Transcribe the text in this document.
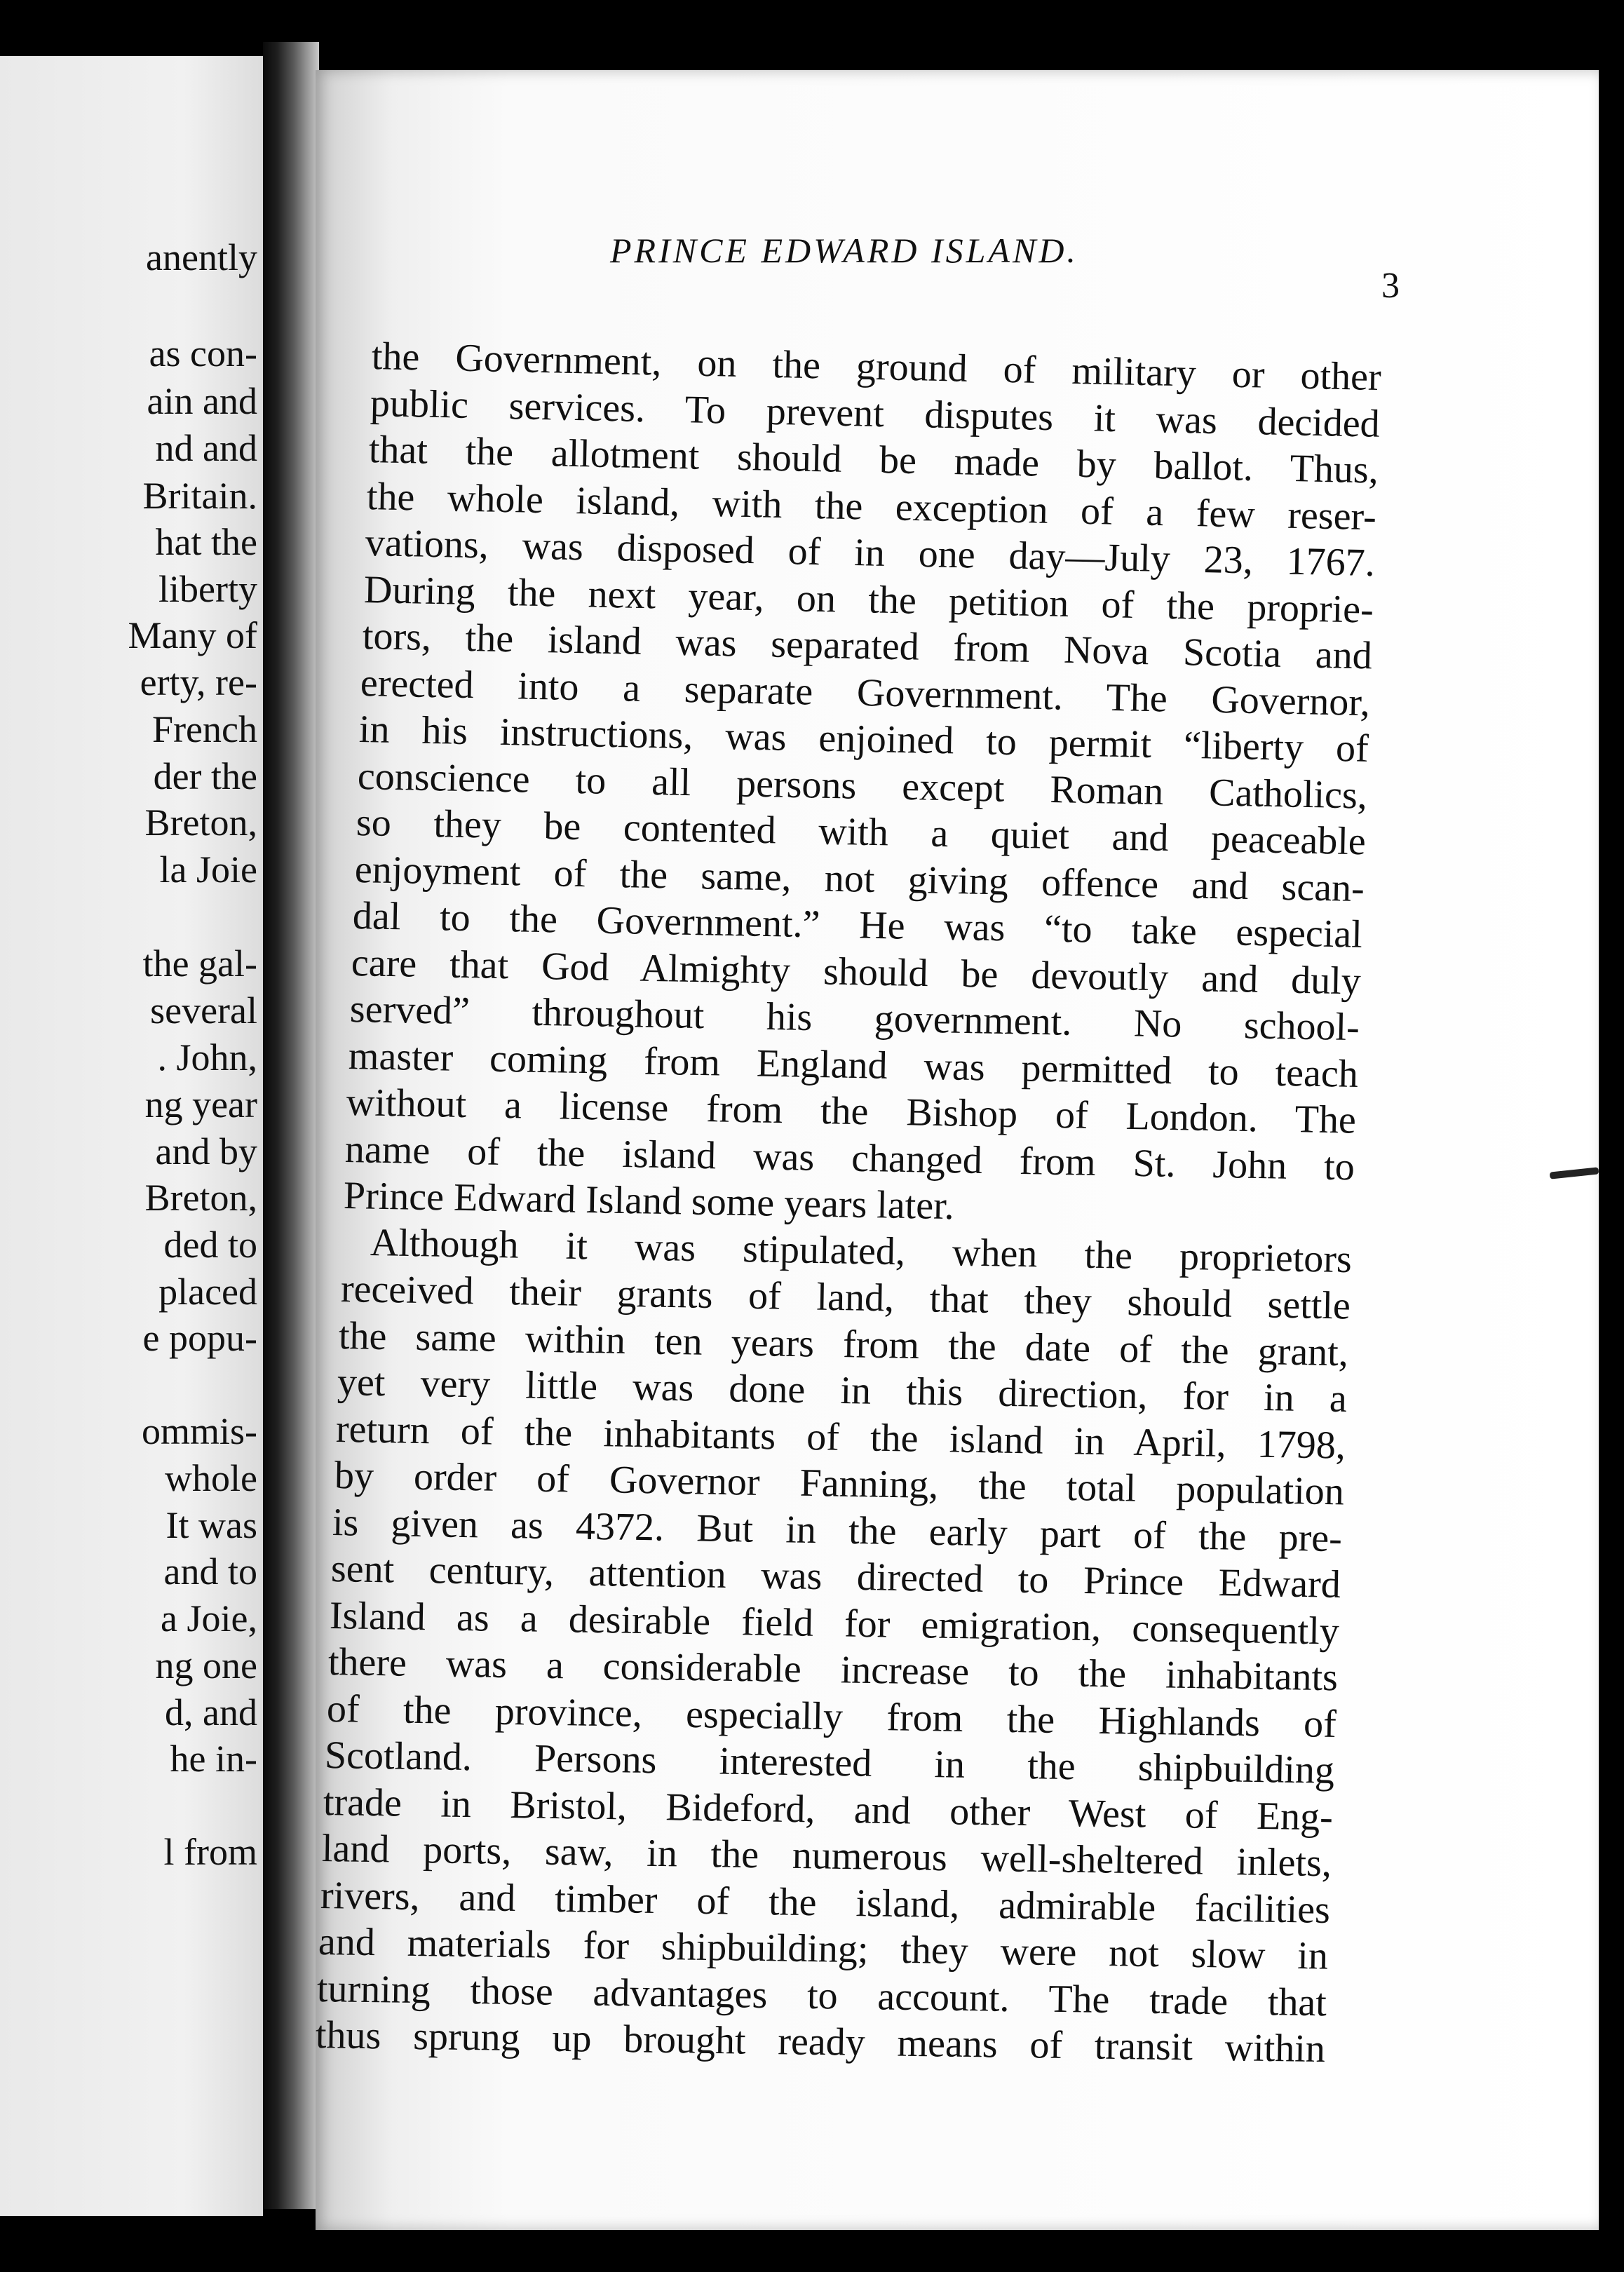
anently
as con-
ain and
nd and
Britain.
hat the
liberty
Many of
erty, re-
French
der the
Breton,
la Joie
the gal-
several
. John,
ng year
and by
Breton,
ded to
placed
e popu-
ommis-
whole
It was
and to
a Joie,
ng one
d, and
he in-
l from
PRINCE EDWARD ISLAND.
3
the Government, on the ground of military or other
public services. To prevent disputes it was decided
that the allotment should be made by ballot. Thus,
the whole island, with the exception of a few reser-
vations, was disposed of in one day—July 23, 1767.
During the next year, on the petition of the proprie-
tors, the island was separated from Nova Scotia and
erected into a separate Government. The Governor,
in his instructions, was enjoined to permit “liberty of
conscience to all persons except Roman Catholics,
so they be contented with a quiet and peaceable
enjoyment of the same, not giving offence and scan-
dal to the Government.” He was “to take especial
care that God Almighty should be devoutly and duly
served” throughout his government. No school-
master coming from England was permitted to teach
without a license from the Bishop of London. The
name of the island was changed from St. John to
Prince Edward Island some years later.
Although it was stipulated, when the proprietors
received their grants of land, that they should settle
the same within ten years from the date of the grant,
yet very little was done in this direction, for in a
return of the inhabitants of the island in April, 1798,
by order of Governor Fanning, the total population
is given as 4372. But in the early part of the pre-
sent century, attention was directed to Prince Edward
Island as a desirable field for emigration, consequently
there was a considerable increase to the inhabitants
of the province, especially from the Highlands of
Scotland. Persons interested in the shipbuilding
trade in Bristol, Bideford, and other West of Eng-
land ports, saw, in the numerous well-sheltered inlets,
rivers, and timber of the island, admirable facilities
and materials for shipbuilding; they were not slow in
turning those advantages to account. The trade that
thus sprung up brought ready means of transit within
